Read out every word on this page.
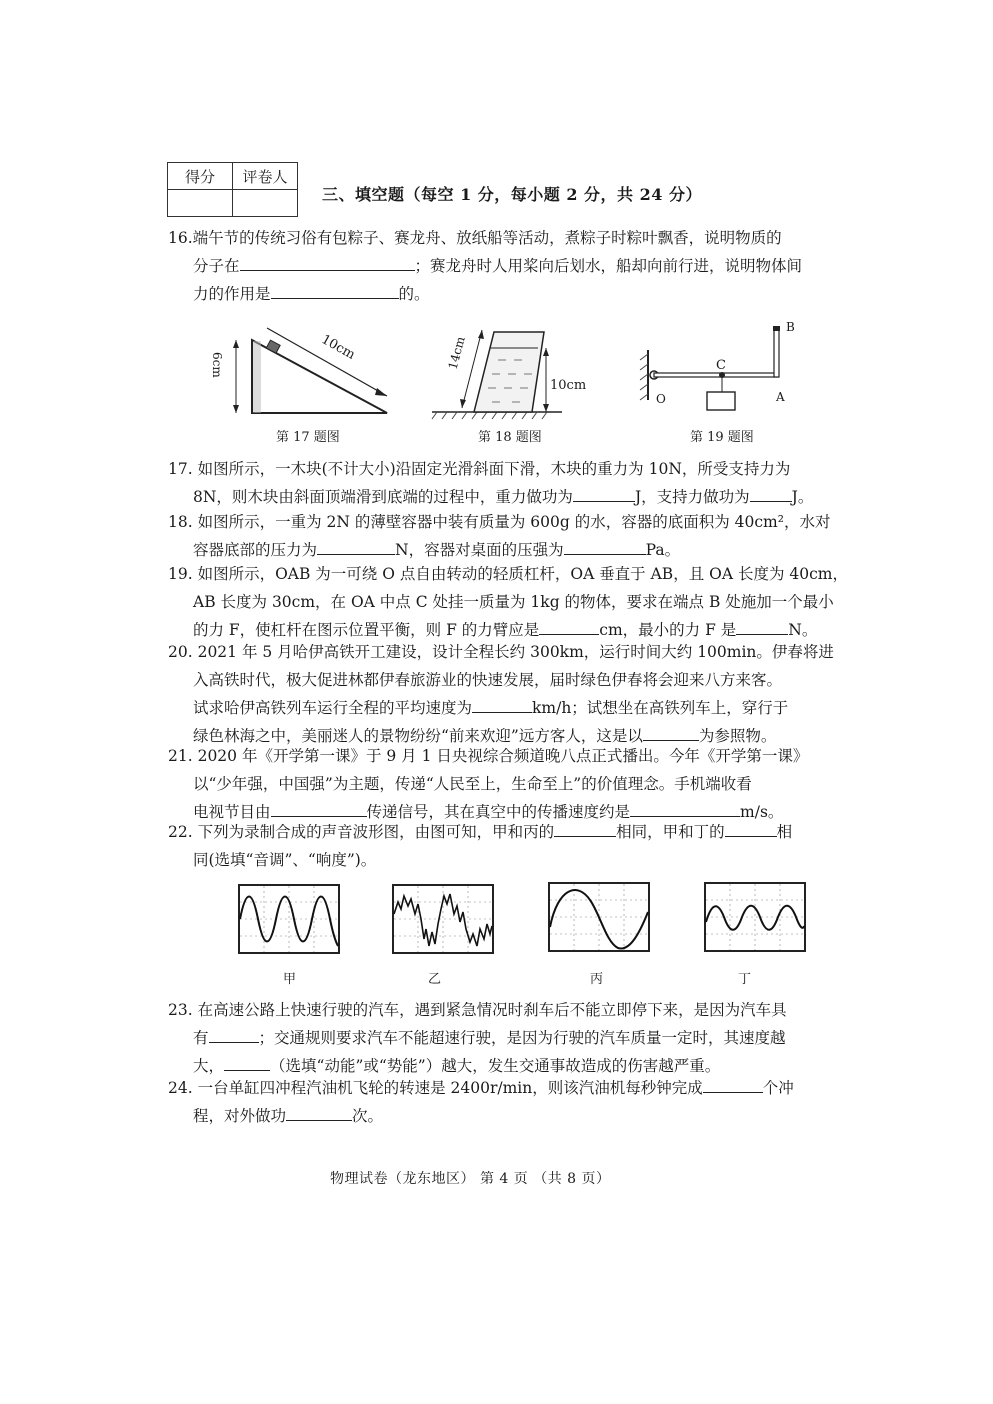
得分	评卷人

三、填空题（每空 1 分，每小题 2 分，共 24 分）
16.端午节的传统习俗有包粽子、赛龙舟、放纸船等活动，煮粽子时粽叶飘香，说明物质的
分子在	；赛龙舟时人用桨向后划水，船却向前行进，说明物体间
力的作用是	的。
6cm
10cm
第 17 题图
14cm
10cm
第 18 题图
B
C
O	A
第 19 题图
17. 如图所示，一木块(不计大小)沿固定光滑斜面下滑，木块的重力为 10N，所受支持力为
8N，则木块由斜面顶端滑到底端的过程中，重力做功为	J，支持力做功为	J。
18. 如图所示，一重为 2N 的薄壁容器中装有质量为 600g 的水，容器的底面积为 40cm²，水对
容器底部的压力为	N，容器对桌面的压强为	Pa。
19. 如图所示，OAB 为一可绕 O 点自由转动的轻质杠杆，OA 垂直于 AB，且 OA 长度为 40cm，
AB 长度为 30cm，在 OA 中点 C 处挂一质量为 1kg 的物体，要求在端点 B 处施加一个最小
的力 F，使杠杆在图示位置平衡，则 F 的力臂应是	cm，最小的力 F 是	N。
20. 2021 年 5 月哈伊高铁开工建设，设计全程长约 300km，运行时间大约 100min。伊春将进
入高铁时代，极大促进林都伊春旅游业的快速发展，届时绿色伊春将会迎来八方来客。
试求哈伊高铁列车运行全程的平均速度为	km/h；试想坐在高铁列车上，穿行于
绿色林海之中，美丽迷人的景物纷纷“前来欢迎”远方客人，这是以	为参照物。
21. 2020 年《开学第一课》于 9 月 1 日央视综合频道晚八点正式播出。今年《开学第一课》
以“少年强，中国强”为主题，传递“人民至上，生命至上”的价值理念。手机端收看
电视节目由	传递信号，其在真空中的传播速度约是	m/s。
22. 下列为录制合成的声音波形图，由图可知，甲和丙的	相同，甲和丁的	相
同(选填“音调”、“响度”)。
甲	乙	丙	丁
23. 在高速公路上快速行驶的汽车，遇到紧急情况时刹车后不能立即停下来，是因为汽车具
有	；交通规则要求汽车不能超速行驶，是因为行驶的汽车质量一定时，其速度越
大，	（选填“动能”或“势能”）越大，发生交通事故造成的伤害越严重。
24. 一台单缸四冲程汽油机飞轮的转速是 2400r/min，则该汽油机每秒钟完成	个冲
程，对外做功	次。
物理试卷（龙东地区） 第 4 页 （共 8 页）
